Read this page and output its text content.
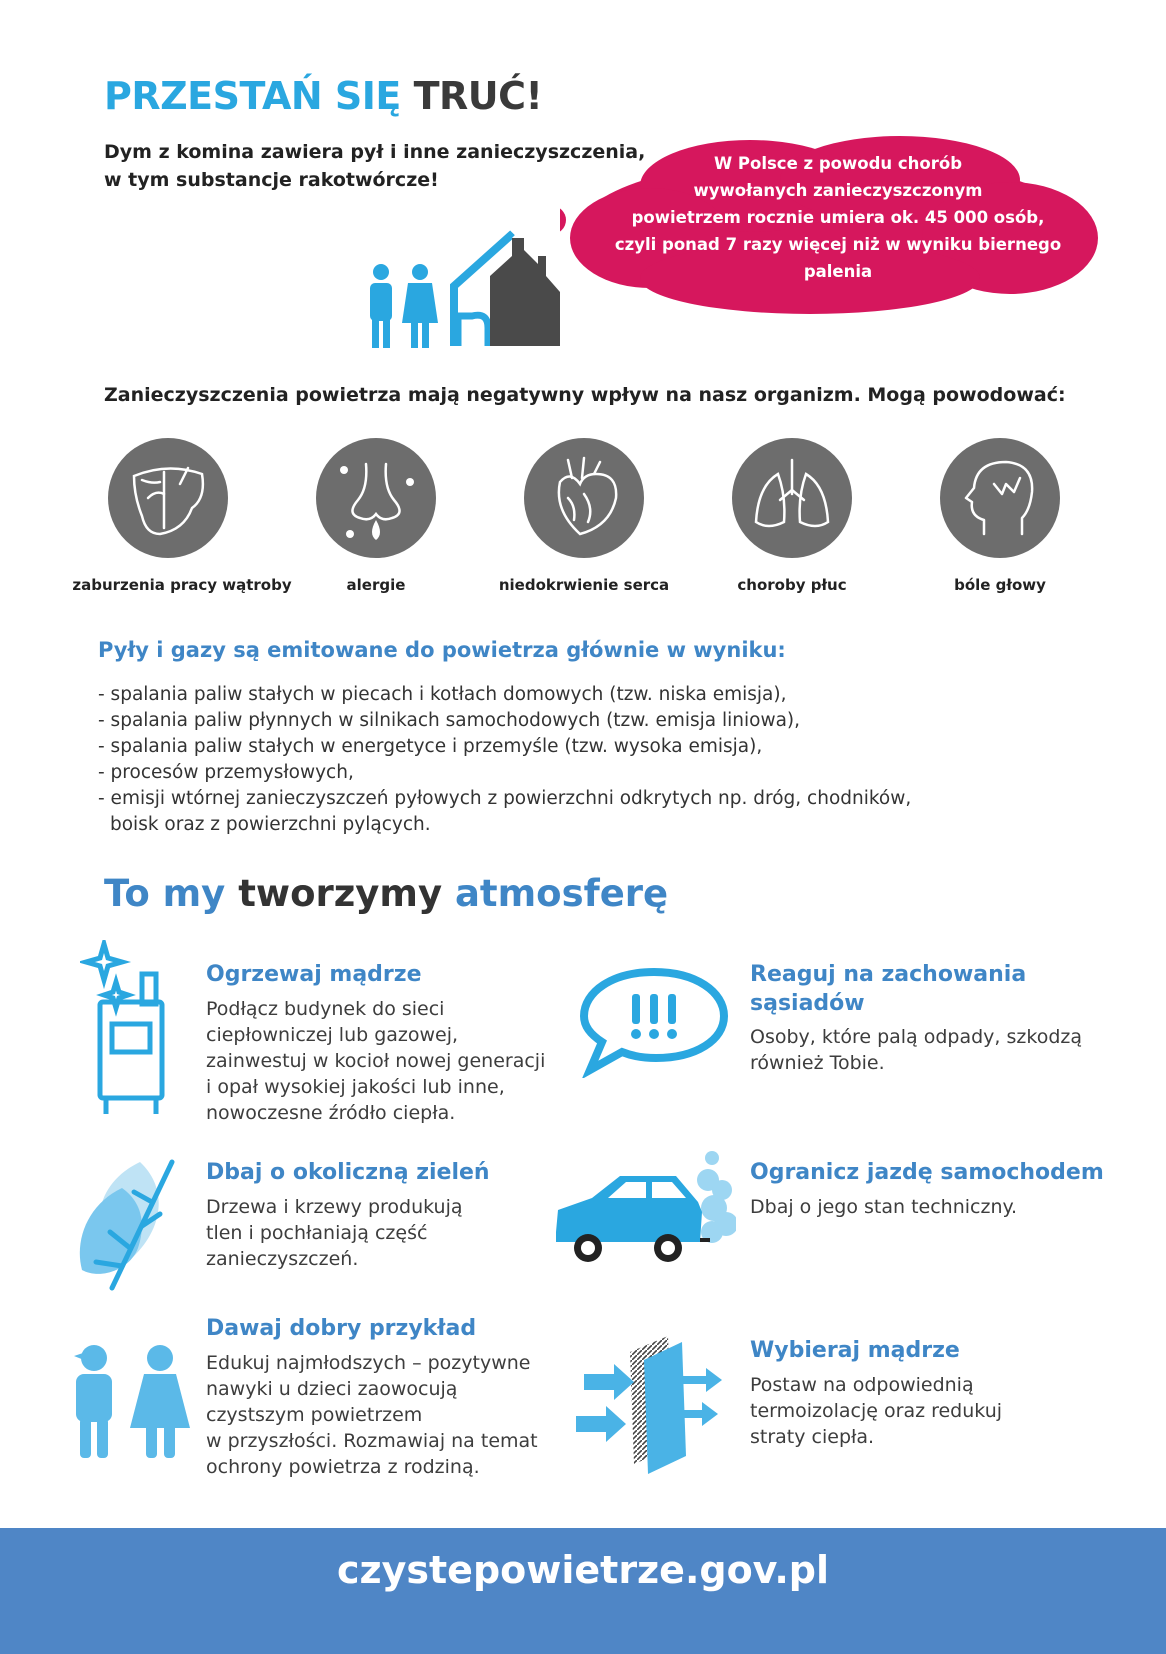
PRZESTAŃ SIĘ TRUĆ!
Dym z komina zawiera pył i inne zanieczyszczenia,
w tym substancje rakotwórcze!
W Polsce z powodu chorób
wywołanych zanieczyszczonym
powietrzem rocznie umiera ok. 45 000 osób,
czyli ponad 7 razy więcej niż w wyniku biernego palenia
Zanieczyszczenia powietrza mają negatywny wpływ na nasz organizm. Mogą powodować:
zaburzenia pracy wątroby	alergie	niedokrwienie serca	choroby płuc	bóle głowy
Pyły i gazy są emitowane do powietrza głównie w wyniku:
- spalania paliw stałych w piecach i kotłach domowych (tzw. niska emisja),
- spalania paliw płynnych w silnikach samochodowych (tzw. emisja liniowa),
- spalania paliw stałych w energetyce i przemyśle (tzw. wysoka emisja),
- procesów przemysłowych,
- emisji wtórnej zanieczyszczeń pyłowych z powierzchni odkrytych np. dróg, chodników,
boisk oraz z powierzchni pylących.
To my tworzymy atmosferę
Ogrzewaj mądrze
Podłącz budynek do sieci
ciepłowniczej lub gazowej,
zainwestuj w kocioł nowej generacji
i opał wysokiej jakości lub inne,
nowoczesne źródło ciepła.
Reaguj na zachowania
sąsiadów
Osoby, które palą odpady, szkodzą
również Tobie.
Dbaj o okoliczną zieleń
Drzewa i krzewy produkują
tlen i pochłaniają część
zanieczyszczeń.
Ogranicz jazdę samochodem
Dbaj o jego stan techniczny.
Dawaj dobry przykład
Edukuj najmłodszych – pozytywne
nawyki u dzieci zaowocują
czystszym powietrzem
w przyszłości. Rozmawiaj na temat
ochrony powietrza z rodziną.
Wybieraj mądrze
Postaw na odpowiednią
termoizolację oraz redukuj
straty ciepła.
czystepowietrze.gov.pl
